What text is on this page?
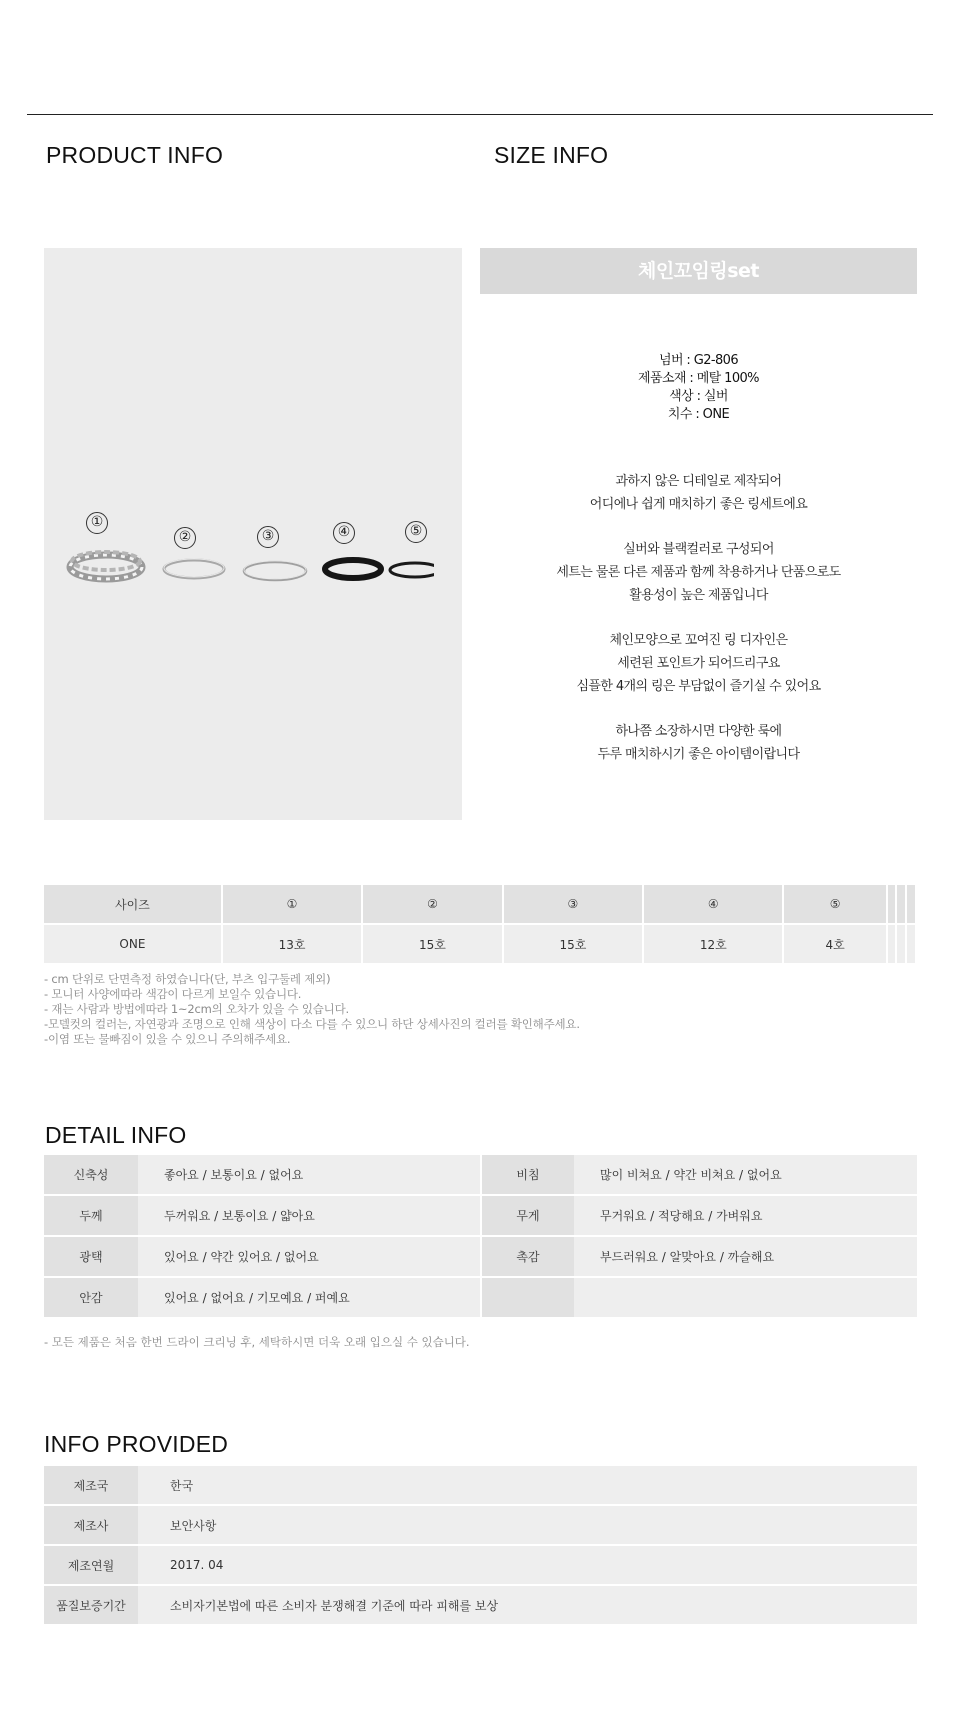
PRODUCT INFO	SIZE INFO
①
②	③	④	⑤
체인꼬임링set
넘버 : G2-806
제품소재 : 메탈 100%
색상 : 실버
치수 : ONE
과하지 않은 디테일로 제작되어
어디에나 쉽게 매치하기 좋은 링세트에요
실버와 블랙컬러로 구성되어
세트는 물론 다른 제품과 함께 착용하거나 단품으로도
활용성이 높은 제품입니다
체인모양으로 꼬여진 링 디자인은
세련된 포인트가 되어드리구요
심플한 4개의 링은 부담없이 즐기실 수 있어요
하나쯤 소장하시면 다양한 룩에
두루 매치하시기 좋은 아이템이랍니다
사이즈	①	②	③	④	⑤			
ONE	13호	15호	15호	12호	4호			
- cm 단위로 단면측정 하였습니다(단, 부츠 입구둘레 제외)
- 모니터 사양에따라 색감이 다르게 보일수 있습니다.
- 재는 사람과 방법에따라 1~2cm의 오차가 있을 수 있습니다.
-모델컷의 컬러는, 자연광과 조명으로 인해 색상이 다소 다를 수 있으니 하단 상세사진의 컬러를 확인해주세요.
-이염 또는 물빠짐이 있을 수 있으니 주의해주세요.
DETAIL INFO
신축성	좋아요 / 보통이요 / 없어요	비침	많이 비쳐요 / 약간 비쳐요 / 없어요
두께	두꺼워요 / 보통이요 / 얇아요	무게	무거워요 / 적당해요 / 가벼워요
광택	있어요 / 약간 있어요 / 없어요	촉감	부드러워요 / 알맞아요 / 까슬해요
안감	있어요 / 없어요 / 기모예요 / 퍼예요		
- 모든 제품은 처음 한번 드라이 크리닝 후, 세탁하시면 더욱 오래 입으실 수 있습니다.
INFO PROVIDED
제조국	한국
제조사	보안사항
제조연월	2017. 04
품질보증기간	소비자기본법에 따른 소비자 분쟁해결 기준에 따라 피해를 보상
